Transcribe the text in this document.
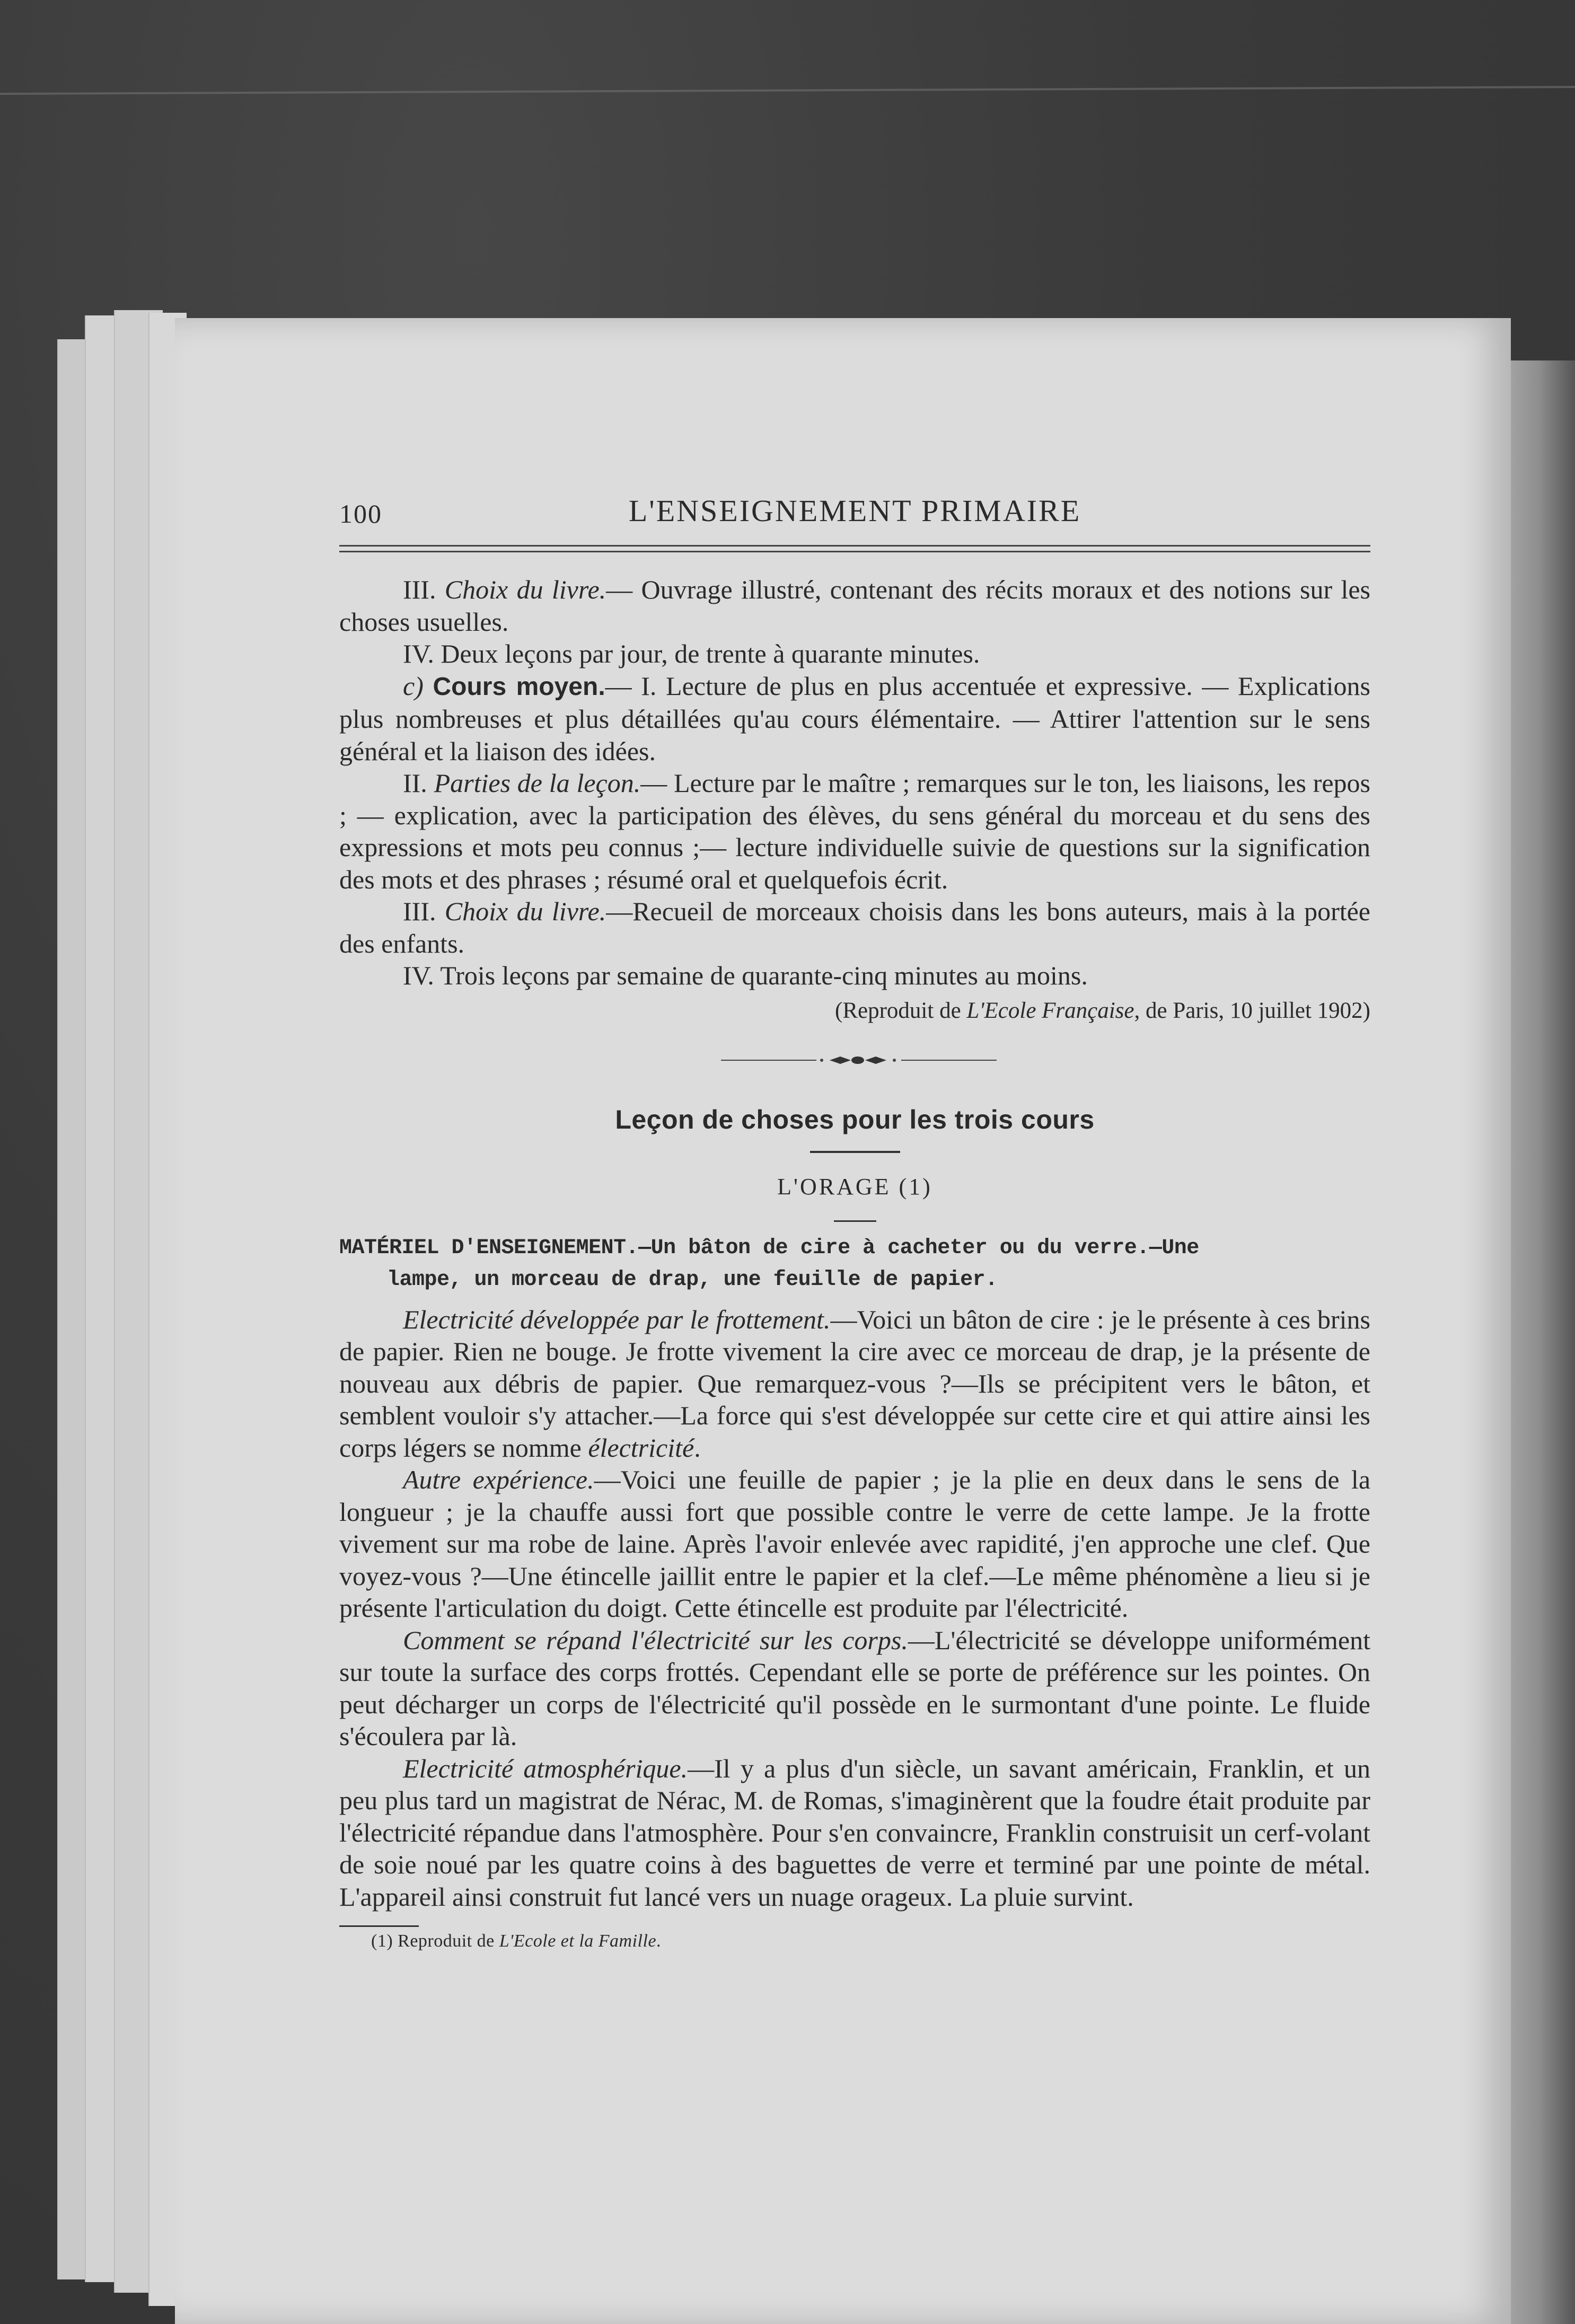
100	L'ENSEIGNEMENT PRIMAIRE

III. Choix du livre.— Ouvrage illustré, contenant des récits moraux et des notions sur les choses usuelles.

IV. Deux leçons par jour, de trente à quarante minutes.

c) Cours moyen.— I. Lecture de plus en plus accentuée et expressive. — Explications plus nombreuses et plus détaillées qu'au cours élémentaire. — Attirer l'attention sur le sens général et la liaison des idées.

II. Parties de la leçon.— Lecture par le maître ; remarques sur le ton, les liaisons, les repos ; — explication, avec la participation des élèves, du sens général du morceau et du sens des expressions et mots peu connus ;— lecture individuelle suivie de questions sur la signification des mots et des phrases ; résumé oral et quelquefois écrit.

III. Choix du livre.—Recueil de morceaux choisis dans les bons auteurs, mais à la portée des enfants.

IV. Trois leçons par semaine de quarante-cinq minutes au moins.

(Reproduit de L'Ecole Française, de Paris, 10 juillet 1902)
Leçon de choses pour les trois cours
L'ORAGE (1)
MATÉRIEL D'ENSEIGNEMENT.—Un bâton de cire à cacheter ou du verre.—Une
lampe, un morceau de drap, une feuille de papier.

Electricité développée par le frottement.—Voici un bâton de cire : je le présente à ces brins de papier. Rien ne bouge. Je frotte vivement la cire avec ce morceau de drap, je la présente de nouveau aux débris de papier. Que remarquez-vous ?—Ils se précipitent vers le bâton, et semblent vouloir s'y attacher.—La force qui s'est développée sur cette cire et qui attire ainsi les corps légers se nomme électricité.

Autre expérience.—Voici une feuille de papier ; je la plie en deux dans le sens de la longueur ; je la chauffe aussi fort que possible contre le verre de cette lampe. Je la frotte vivement sur ma robe de laine. Après l'avoir enlevée avec rapidité, j'en approche une clef. Que voyez-vous ?—Une étincelle jaillit entre le papier et la clef.—Le même phénomène a lieu si je présente l'articulation du doigt. Cette étincelle est produite par l'électricité.

Comment se répand l'électricité sur les corps.—L'électricité se développe uniformément sur toute la surface des corps frottés. Cependant elle se porte de préférence sur les pointes. On peut décharger un corps de l'électricité qu'il possède en le surmontant d'une pointe. Le fluide s'écoulera par là.

Electricité atmosphérique.—Il y a plus d'un siècle, un savant américain, Franklin, et un peu plus tard un magistrat de Nérac, M. de Romas, s'imaginèrent que la foudre était produite par l'électricité répandue dans l'atmosphère. Pour s'en convaincre, Franklin construisit un cerf-volant de soie noué par les quatre coins à des baguettes de verre et terminé par une pointe de métal. L'appareil ainsi construit fut lancé vers un nuage orageux. La pluie survint.

(1) Reproduit de L'Ecole et la Famille.
